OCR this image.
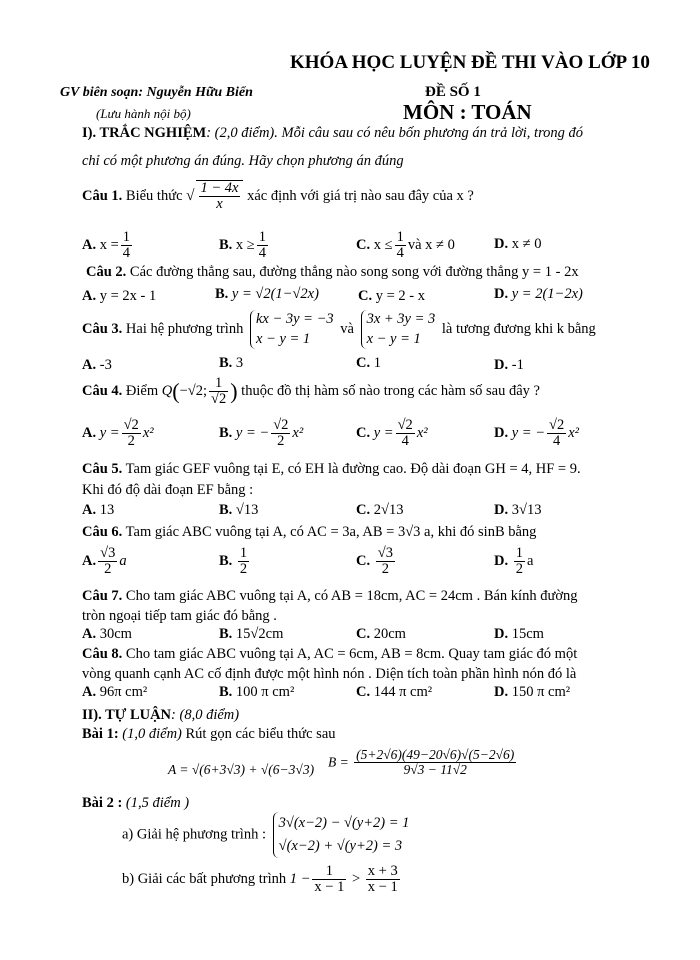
KHÓA HỌC LUYỆN ĐỀ THI VÀO LỚP 10
GV biên soạn: Nguyễn Hữu Biển	ĐỀ SỐ 1
(Lưu hành nội bộ)	MÔN : TOÁN
I). TRẮC NGHIỆM: (2,0 điểm). Mỗi câu sau có nêu bốn phương án trả lời, trong đó
chỉ có một phương án đúng. Hãy chọn phương án đúng
Câu 1. Biểu thức √ $\frac{1 - 4x}{x}$ xác định với giá trị nào sau đây của x ?
A. $x = \frac{1}{4}$	B. $x \ge \frac{1}{4}$	C. $x \le \frac{1}{4}$ và x ≠ 0	D. x ≠ 0
Câu 2. Các đường thẳng sau, đường thẳng nào song song với đường thẳng y = 1 - 2x
A. y = 2x - 1	B. y = √2(1−√2x)	C. y = 2 - x	D. y = 2(1−2x)
Câu 3. Hai hệ phương trình kx − 3y = −3
x − y = 1 và 3x + 3y = 3
x − y = 1 là tương đương khi k bằng
A. -3	B. 3	C. 1	D. -1
Câu 4. Điểm Q(−√2; $\frac{1}{√2}$ ) thuộc đồ thị hàm số nào trong các hàm số sau đây ?
A. $y = \frac{√2}{2} x^2$	B. y = − $\frac{√2}{2} x^2$	C. $y = \frac{√2}{4} x^2$	D. y = − $\frac{√2}{4} x^2$
Câu 5. Tam giác GEF vuông tại E, có EH là đường cao. Độ dài đoạn GH = 4, HF = 9.
Khi đó độ dài đoạn EF bằng :
A. 13	B. √13	C. 2√13	D. 3√13
Câu 6. Tam giác ABC vuông tại A, có AC = 3a, AB = 3√3 a, khi đó sinB bằng
A. $\frac{√3}{2}$ a	B. $\frac{1}{2}$	C. $\frac{√3}{2}$	D. $\frac{1}{2}$ a
Câu 7. Cho tam giác ABC vuông tại A, có AB = 18cm, AC = 24cm . Bán kính đường
tròn ngoại tiếp tam giác đó bằng .
A. 30cm	B. 15√2cm	C. 20cm	D. 15cm
Câu 8. Cho tam giác ABC vuông tại A, AC = 6cm, AB = 8cm. Quay tam giác đó một
vòng quanh cạnh AC cố định được một hình nón . Diện tích toàn phần hình nón đó là
A. 96π cm²	B. 100 π cm²	C. 144 π cm²	D. 150 π cm²
II). TỰ LUẬN: (8,0 điểm)
Bài 1: (1,0 điểm) Rút gọn các biểu thức sau
A = √(6+3√3) + √(6−3√3) $B = \frac{(5+2√6)(49-20√6)√(5-2√6)}{9√3 - 11√2}$
Bài 2 : (1,5 điểm )
a) Giải hệ phương trình : 3√(x−2) − √(y+2) = 1
√(x−2) + √(y+2) = 3
b) Giải các bất phương trình $1 - \frac{1}{x - 1} > \frac{x + 3}{x - 1}$
